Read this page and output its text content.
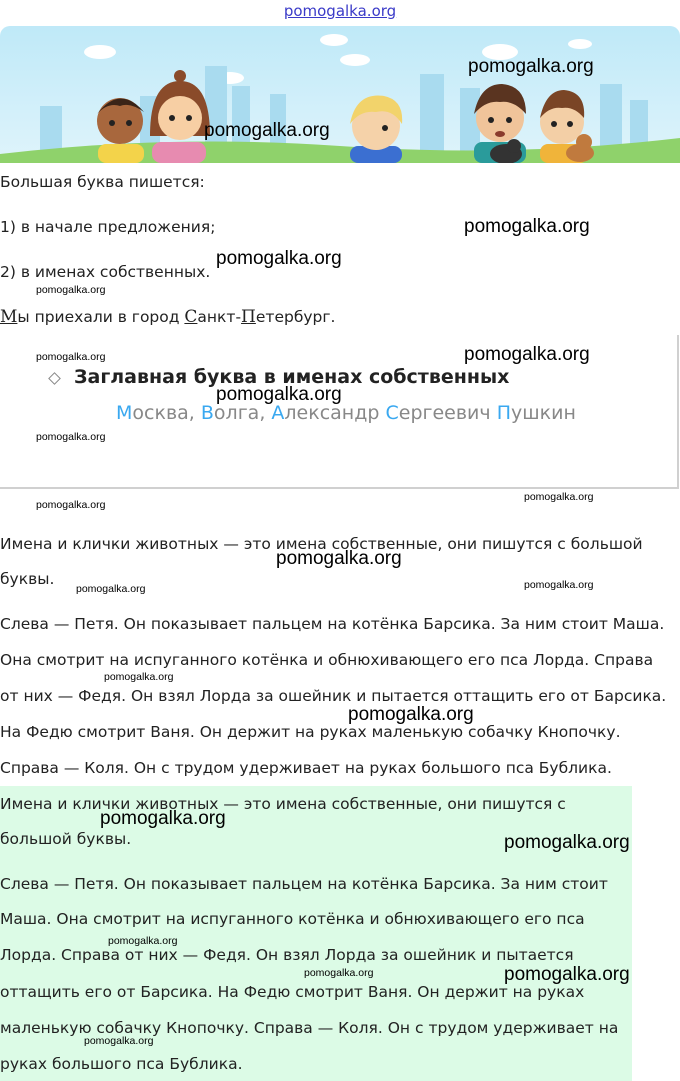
pomogalka.org

Большая буква пишется:

1) в начале предложения;

2) в именах собственных.

Мы приехали в город Санкт-Петербург.

Заглавная буква в именах собственных
Москва, Волга, Александр Сергеевич Пушкин

Имена и клички животных — это имена собственные, они пишутся с большой

буквы.

Слева — Петя. Он показывает пальцем на котёнка Барсика. За ним стоит Маша.

Она смотрит на испуганного котёнка и обнюхивающего его пса Лорда. Справа

от них — Федя. Он взял Лорда за ошейник и пытается оттащить его от Барсика.

На Федю смотрит Ваня. Он держит на руках маленькую собачку Кнопочку.

Справа — Коля. Он с трудом удерживает на руках большого пса Бублика.

Имена и клички животных — это имена собственные, они пишутся с
большой буквы.
Слева — Петя. Он показывает пальцем на котёнка Барсика. За ним стоит
Маша. Она смотрит на испуганного котёнка и обнюхивающего его пса
Лорда. Справа от них — Федя. Он взял Лорда за ошейник и пытается
оттащить его от Барсика. На Федю смотрит Ваня. Он держит на руках
маленькую собачку Кнопочку. Справа — Коля. Он с трудом удерживает на
руках большого пса Бублика.
pomogalka.org
pomogalka.org
pomogalka.org
pomogalka.org
pomogalka.org
pomogalka.org
pomogalka.org
pomogalka.org
pomogalka.org
pomogalka.org
pomogalka.org
pomogalka.org
pomogalka.org
pomogalka.org
pomogalka.org
pomogalka.org
pomogalka.org
pomogalka.org
pomogalka.org
pomogalka.org
pomogalka.org
pomogalka.org
